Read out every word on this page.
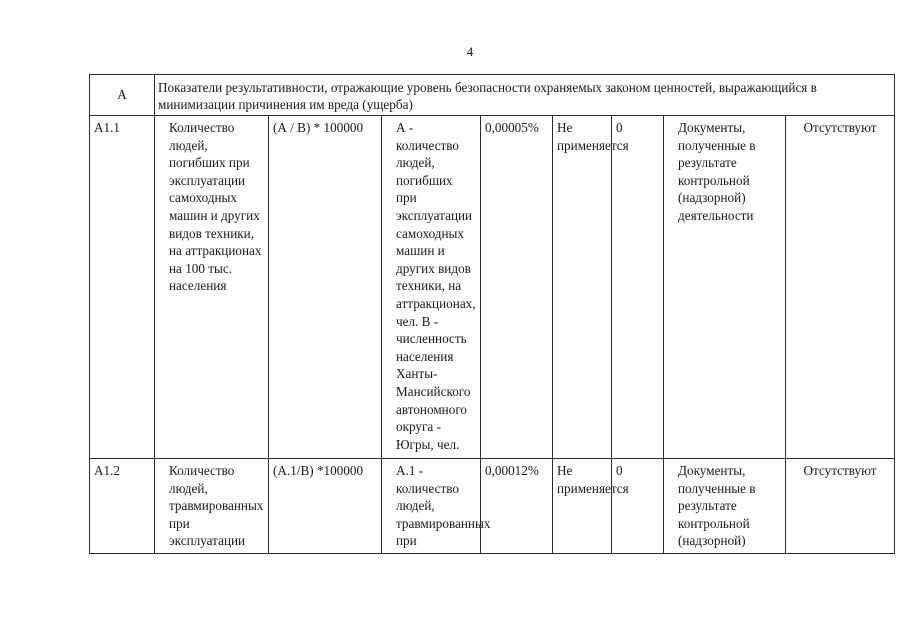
4
А	Показатели результативности, отражающие уровень безопасности охраняемых законом ценностей, выражающийся в минимизации причинения им вреда (ущерба)							
А1.1	Количество людей, погибших при эксплуатации самоходных машин и других видов техники, на аттракционах на 100 тыс. населения	(А / В) * 100000	А - количество людей, погибших при эксплуатации самоходных машин и других видов техники, на аттракционах, чел. В - численность населения Ханты-Мансийского автономного округа - Югры, чел.	0,00005%	Не применяется	0	Документы, полученные в результате контрольной (надзорной) деятельности	Отсутствуют
А1.2	Количество людей, травмированных при эксплуатации	(А.1/В) *100000	А.1 - количество людей, травмированных при	0,00012%	Не применяется	0	Документы, полученные в результате контрольной (надзорной)	Отсутствуют
